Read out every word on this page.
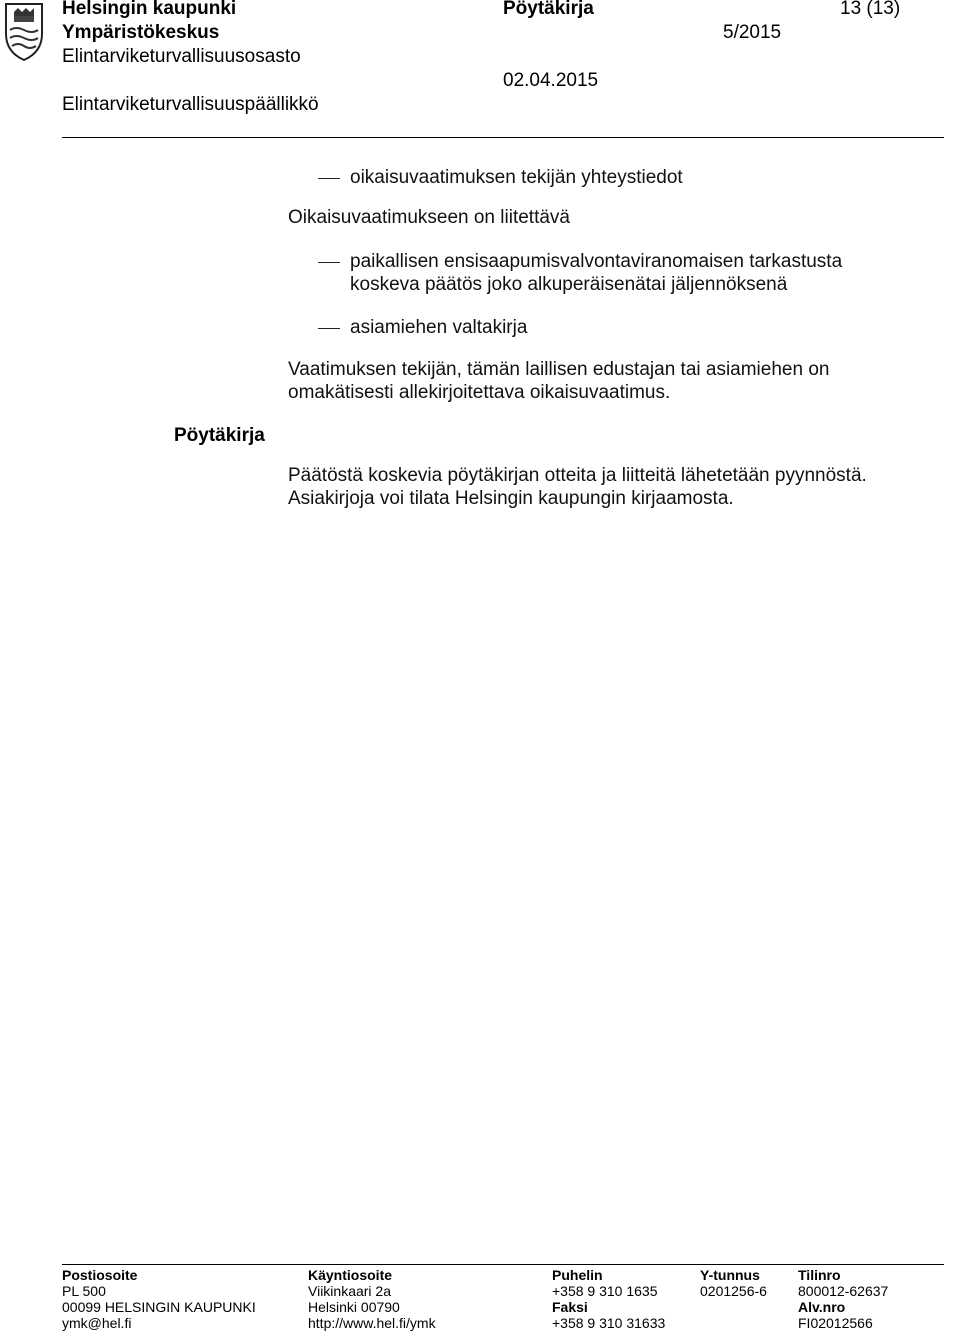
Helsingin kaupunki
Ympäristökeskus
Elintarviketurvallisuusosasto
Elintarviketurvallisuuspäällikkö
Pöytäkirja
5/2015
02.04.2015
13 (13)
oikaisuvaatimuksen tekijän yhteystiedot
Oikaisuvaatimukseen on liitettävä
paikallisen ensisaapumisvalvontaviranomaisen tarkastusta
koskeva päätös joko alkuperäisenätai jäljennöksenä
asiamiehen valtakirja
Vaatimuksen tekijän, tämän laillisen edustajan tai asiamiehen on
omakätisesti allekirjoitettava oikaisuvaatimus.
Pöytäkirja
Päätöstä koskevia pöytäkirjan otteita ja liitteitä lähetetään pyynnöstä.
Asiakirjoja voi tilata Helsingin kaupungin kirjaamosta.
Postiosoite
PL 500
00099 HELSINGIN KAUPUNKI
ymk@hel.fi
Käyntiosoite
Viikinkaari 2a
Helsinki 00790
http://www.hel.fi/ymk
Puhelin
+358 9 310 1635
Faksi
+358 9 310 31633
Y-tunnus
0201256-6
Tilinro
800012-62637
Alv.nro
FI02012566
